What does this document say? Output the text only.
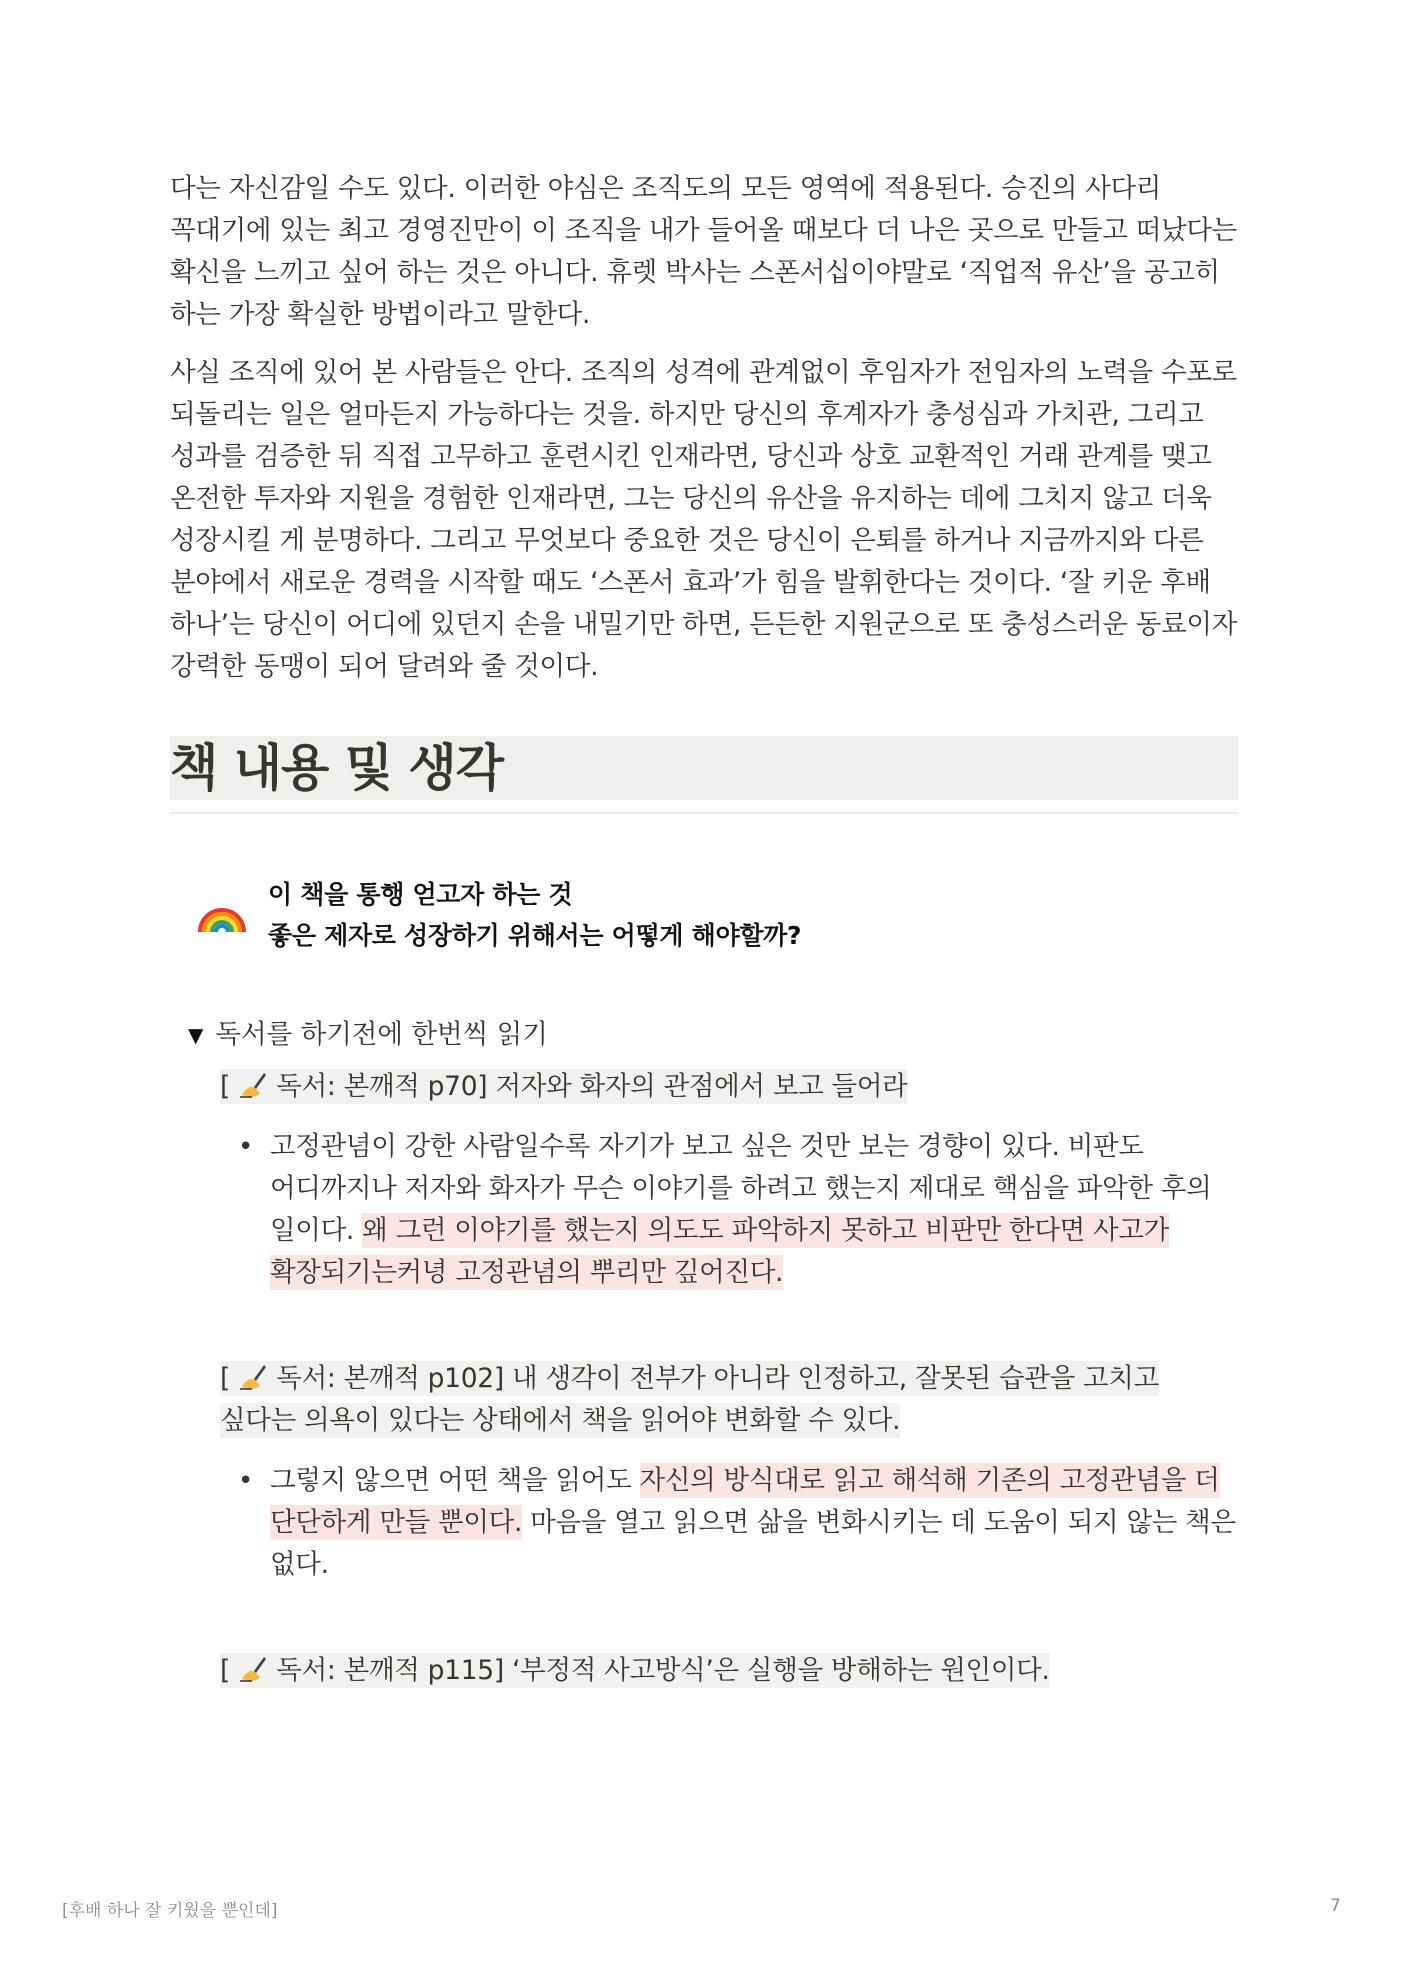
다는 자신감일 수도 있다. 이러한 야심은 조직도의 모든 영역에 적용된다. 승진의 사다리 꼭대기에 있는 최고 경영진만이 이 조직을 내가 들어올 때보다 더 나은 곳으로 만들고 떠났다는 확신을 느끼고 싶어 하는 것은 아니다. 휴렛 박사는 스폰서십이야말로 ‘직업적 유산’을 공고히 하는 가장 확실한 방법이라고 말한다.

사실 조직에 있어 본 사람들은 안다. 조직의 성격에 관계없이 후임자가 전임자의 노력을 수포로 되돌리는 일은 얼마든지 가능하다는 것을. 하지만 당신의 후계자가 충성심과 가치관, 그리고 성과를 검증한 뒤 직접 고무하고 훈련시킨 인재라면, 당신과 상호 교환적인 거래 관계를 맺고 온전한 투자와 지원을 경험한 인재라면, 그는 당신의 유산을 유지하는 데에 그치지 않고 더욱 성장시킬 게 분명하다. 그리고 무엇보다 중요한 것은 당신이 은퇴를 하거나 지금까지와 다른 분야에서 새로운 경력을 시작할 때도 ‘스폰서 효과’가 힘을 발휘한다는 것이다. ‘잘 키운 후배 하나’는 당신이 어디에 있던지 손을 내밀기만 하면, 든든한 지원군으로 또 충성스러운 동료이자 강력한 동맹이 되어 달려와 줄 것이다.

책 내용 및 생각
이 책을 통행 얻고자 하는 것
좋은 제자로 성장하기 위해서는 어떻게 해야할까?
▼ 독서를 하기전에 한번씩 읽기
[  독서: 본깨적 p70] 저자와 화자의 관점에서 보고 들어라
• 고정관념이 강한 사람일수록 자기가 보고 싶은 것만 보는 경향이 있다. 비판도 어디까지나 저자와 화자가 무슨 이야기를 하려고 했는지 제대로 핵심을 파악한 후의 일이다. 왜 그런 이야기를 했는지 의도도 파악하지 못하고 비판만 한다면 사고가 확장되기는커녕 고정관념의 뿌리만 깊어진다.
[  독서: 본깨적 p102] 내 생각이 전부가 아니라 인정하고, 잘못된 습관을 고치고 싶다는 의욕이 있다는 상태에서 책을 읽어야 변화할 수 있다.
• 그렇지 않으면 어떤 책을 읽어도 자신의 방식대로 읽고 해석해 기존의 고정관념을 더 단단하게 만들 뿐이다. 마음을 열고 읽으면 삶을 변화시키는 데 도움이 되지 않는 책은 없다.
[  독서: 본깨적 p115] ‘부정적 사고방식’은 실행을 방해하는 원인이다.
[후배 하나 잘 키웠을 뿐인데]	7
